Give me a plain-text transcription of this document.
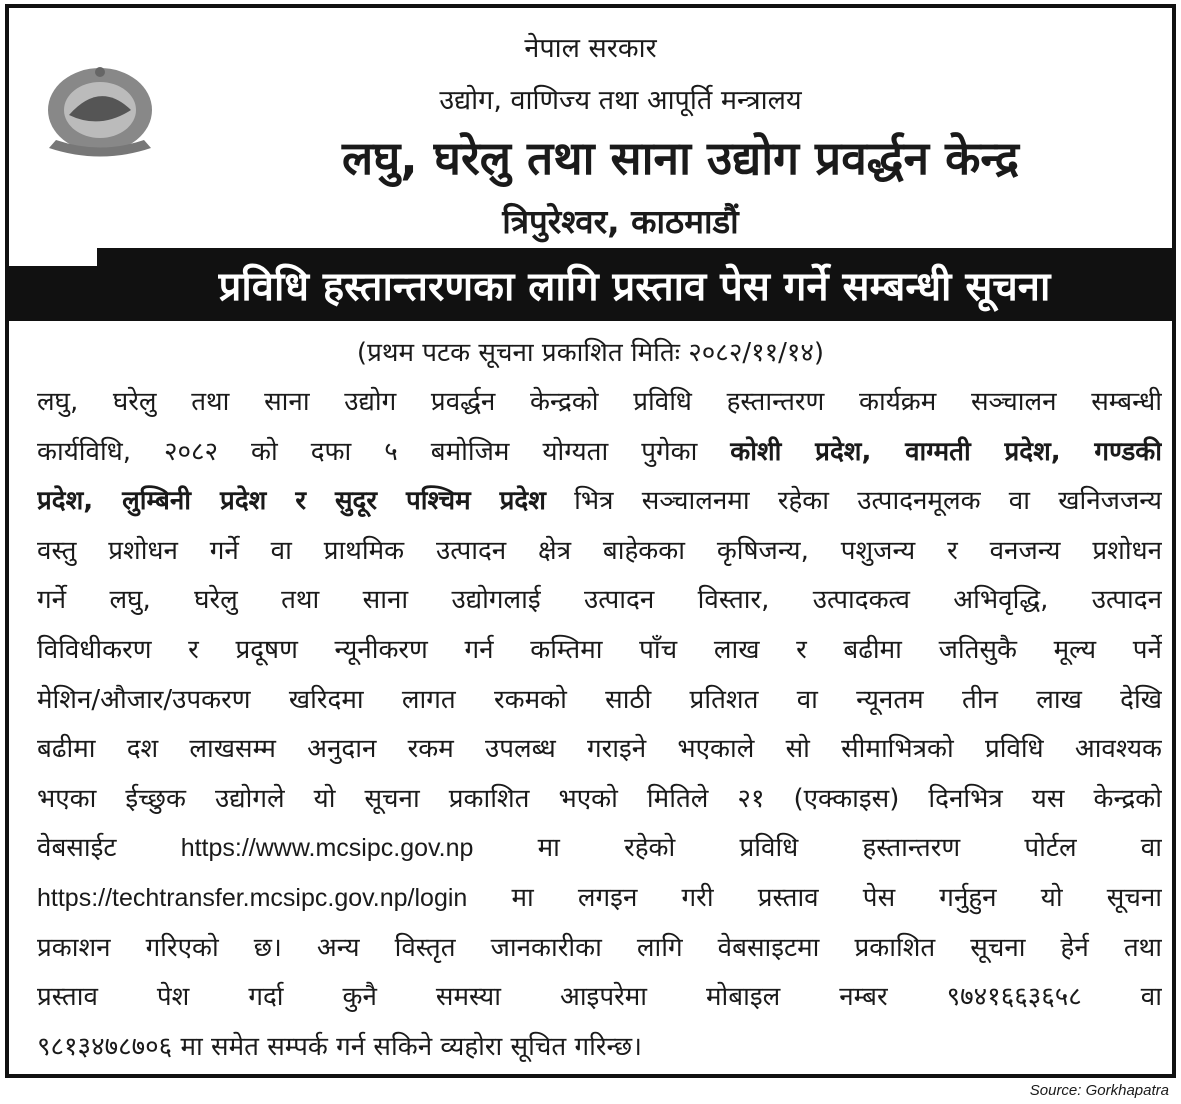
नेपाल सरकार
उद्योग, वाणिज्य तथा आपूर्ति मन्त्रालय
लघु, घरेलु तथा साना उद्योग प्रवर्द्धन केन्द्र
त्रिपुरेश्वर, काठमाडौं
प्रविधि हस्तान्तरणका लागि प्रस्ताव पेस गर्ने सम्बन्धी सूचना
(प्रथम पटक सूचना प्रकाशित मितिः २०८२/११/१४)
लघु, घरेलु तथा साना उद्योग प्रवर्द्धन केन्द्रको प्रविधि हस्तान्तरण कार्यक्रम सञ्चालन सम्बन्धी
कार्यविधि, २०८२ को दफा ५ बमोजिम योग्यता पुगेका कोशी प्रदेश, वाग्मती प्रदेश, गण्डकी
प्रदेश, लुम्बिनी प्रदेश र सुदूर पश्चिम प्रदेश भित्र सञ्चालनमा रहेका उत्पादनमूलक वा खनिजजन्य
वस्तु प्रशोधन गर्ने वा प्राथमिक उत्पादन क्षेत्र बाहेकका कृषिजन्य, पशुजन्य र वनजन्य प्रशोधन
गर्ने लघु, घरेलु तथा साना उद्योगलाई उत्पादन विस्तार, उत्पादकत्व अभिवृद्धि, उत्पादन
विविधीकरण र प्रदूषण न्यूनीकरण गर्न कम्तिमा पाँच लाख र बढीमा जतिसुकै मूल्य पर्ने
मेशिन/औजार/उपकरण खरिदमा लागत रकमको साठी प्रतिशत वा न्यूनतम तीन लाख देखि
बढीमा दश लाखसम्म अनुदान रकम उपलब्ध गराइने भएकाले सो सीमाभित्रको प्रविधि आवश्यक
भएका ईच्छुक उद्योगले यो सूचना प्रकाशित भएको मितिले २१ (एक्काइस) दिनभित्र यस केन्द्रको
वेबसाईट https://www.mcsipc.gov.np मा रहेको प्रविधि हस्तान्तरण पोर्टल वा
https://techtransfer.mcsipc.gov.np/login मा लगइन गरी प्रस्ताव पेस गर्नुहुन यो सूचना
प्रकाशन गरिएको छ। अन्य विस्तृत जानकारीका लागि वेबसाइटमा प्रकाशित सूचना हेर्न तथा
प्रस्ताव पेश गर्दा कुनै समस्या आइपरेमा मोबाइल नम्बर ९७४१६६३६५८ वा
९८१३४७८७०६ मा समेत सम्पर्क गर्न सकिने व्यहोरा सूचित गरिन्छ।
Source: Gorkhapatra
